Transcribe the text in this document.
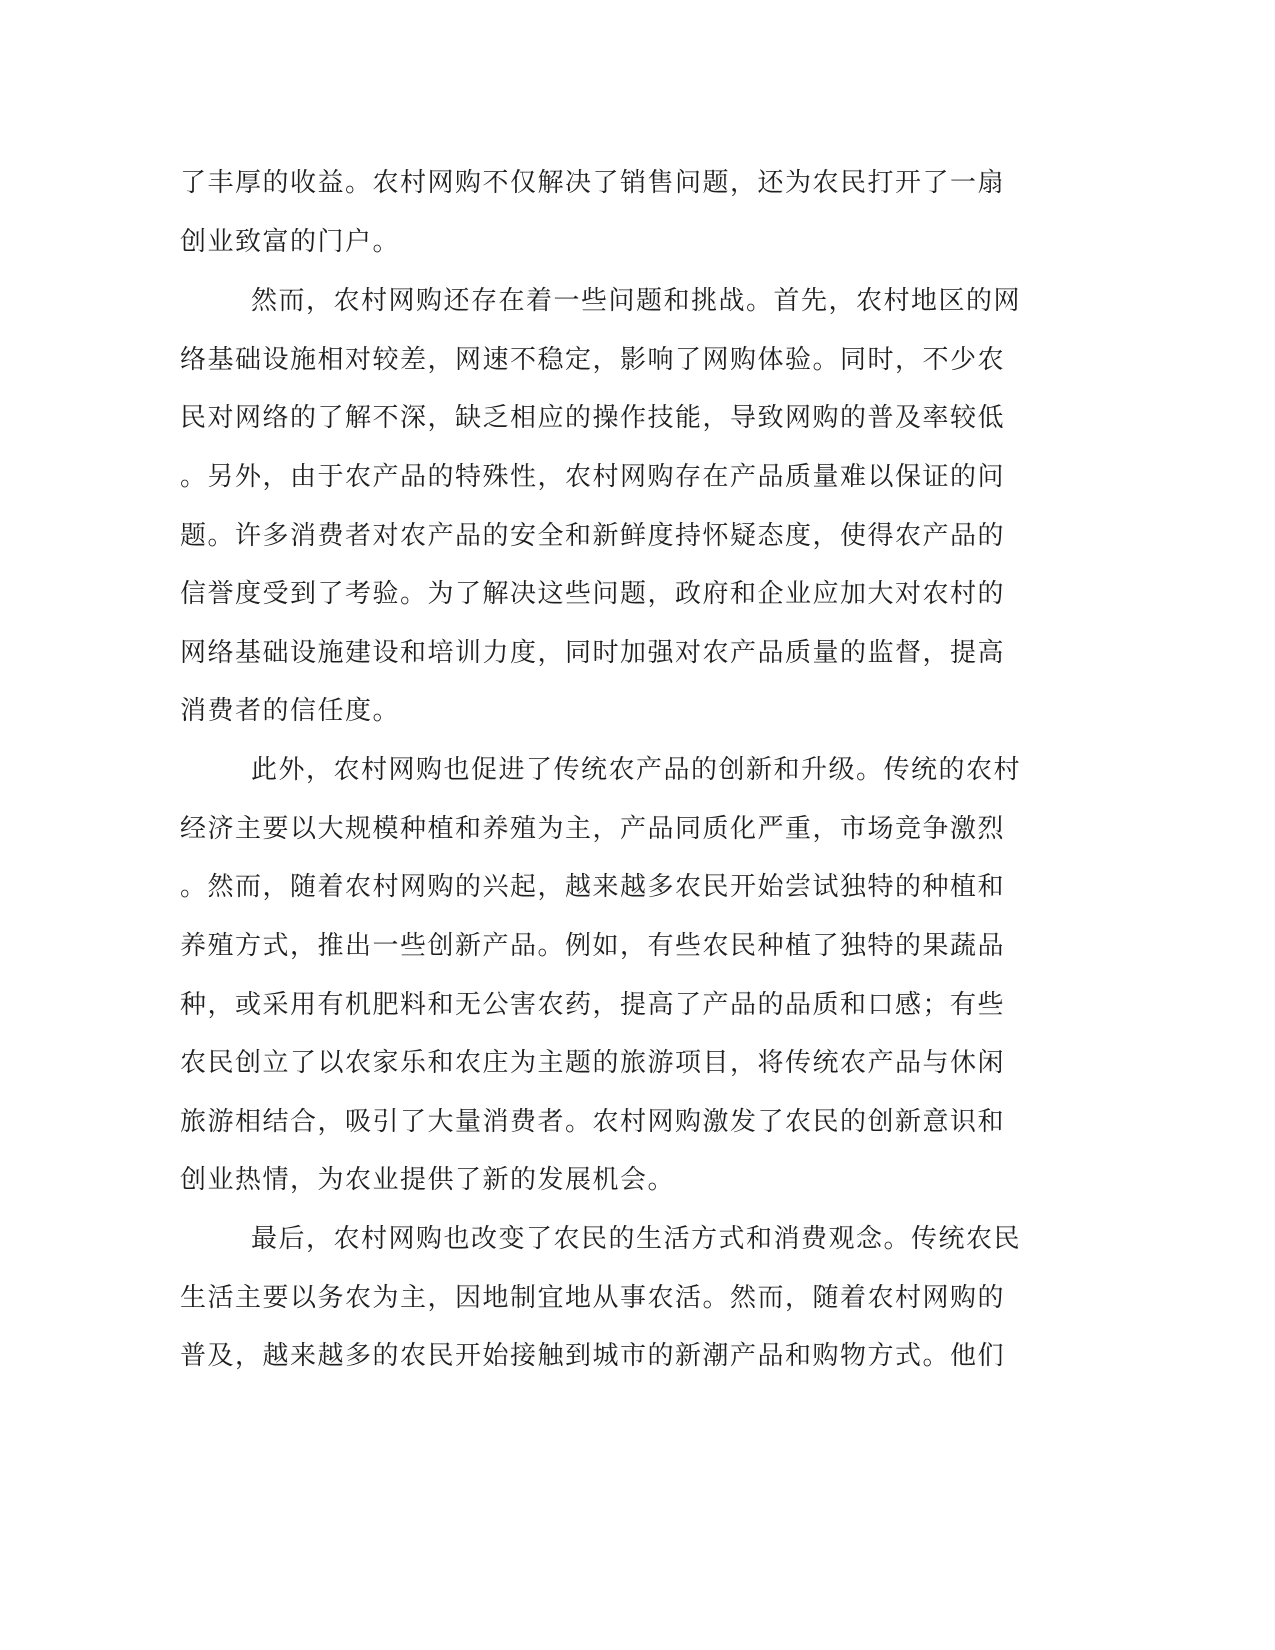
了丰厚的收益。农村网购不仅解决了销售问题，还为农民打开了一扇
创业致富的门户。
然而，农村网购还存在着一些问题和挑战。首先，农村地区的网
络基础设施相对较差，网速不稳定，影响了网购体验。同时，不少农
民对网络的了解不深，缺乏相应的操作技能，导致网购的普及率较低
。另外，由于农产品的特殊性，农村网购存在产品质量难以保证的问
题。许多消费者对农产品的安全和新鲜度持怀疑态度，使得农产品的
信誉度受到了考验。为了解决这些问题，政府和企业应加大对农村的
网络基础设施建设和培训力度，同时加强对农产品质量的监督，提高
消费者的信任度。
此外，农村网购也促进了传统农产品的创新和升级。传统的农村
经济主要以大规模种植和养殖为主，产品同质化严重，市场竞争激烈
。然而，随着农村网购的兴起，越来越多农民开始尝试独特的种植和
养殖方式，推出一些创新产品。例如，有些农民种植了独特的果蔬品
种，或采用有机肥料和无公害农药，提高了产品的品质和口感；有些
农民创立了以农家乐和农庄为主题的旅游项目，将传统农产品与休闲
旅游相结合，吸引了大量消费者。农村网购激发了农民的创新意识和
创业热情，为农业提供了新的发展机会。
最后，农村网购也改变了农民的生活方式和消费观念。传统农民
生活主要以务农为主，因地制宜地从事农活。然而，随着农村网购的
普及，越来越多的农民开始接触到城市的新潮产品和购物方式。他们
